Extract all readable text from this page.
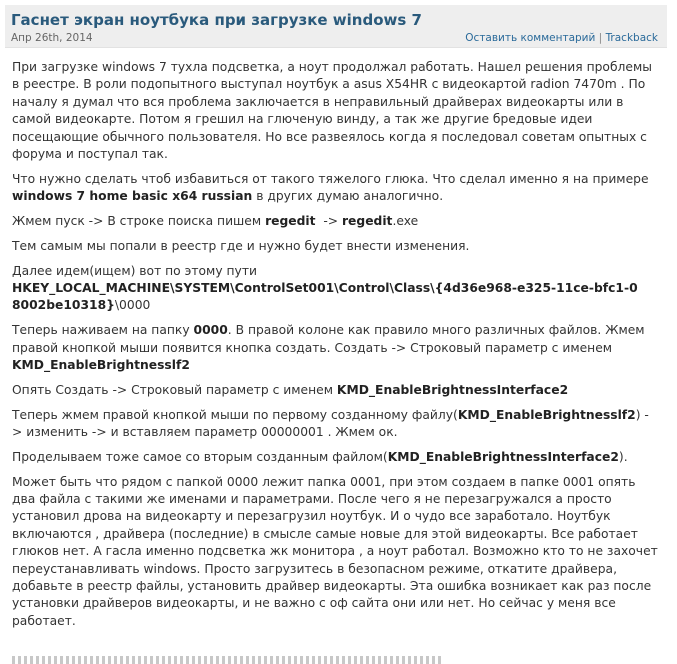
Гаснет экран ноутбука при загрузке windows 7
Апр 26th, 2014	Оставить комментарий | Trackback

При загрузке windows 7 тухла подсветка, а ноут продолжал работать. Нашел решения проблемы в реестре. В роли подопытного выступал ноутбук а asus X54HR с видеокартой radion 7470m . По началу я думал что вся проблема заключается в неправильный драйверах видеокарты или в самой видеокарте. Потом я грешил на глюченую винду, а так же другие бредовые идеи посещающие обычного пользователя. Но все развеялось когда я последовал советам опытных с форума и поступал так.

Что нужно сделать чтоб избавиться от такого тяжелого глюка. Что сделал именно я на примере windows 7 home basic x64 russian в других думаю аналогично.

Жмем пуск -> В строке поиска пишем regedit  -> regedit.exe

Тем самым мы попали в реестр где и нужно будет внести изменения.

Далее идем(ищем) вот по этому пути
HKEY_LOCAL_MACHINE\SYSTEM\ControlSet001\Control\Class\{4d36e968-e325-11ce-bfc1-0
8002be10318}\0000

Теперь наживаем на папку 0000. В правой колоне как правило много различных файлов. Жмем правой кнопкой мыши появится кнопка создать. Создать -> Строковый параметр с именем KMD_EnableBrightnesslf2

Опять Создать -> Строковый параметр с именем KMD_EnableBrightnessInterface2

Теперь жмем правой кнопкой мыши по первому созданному файлу(KMD_EnableBrightnesslf2) -> изменить -> и вставляем параметр 00000001 . Жмем ок.

Проделываем тоже самое со вторым созданным файлом(KMD_EnableBrightnessInterface2).

Может быть что рядом с папкой 0000 лежит папка 0001, при этом создаем в папке 0001 опять два файла с такими же именами и параметрами. После чего я не перезагружался а просто установил дрова на видеокарту и перезагрузил ноутбук. И о чудо все заработало. Ноутбук включаются , драйвера (последние) в смысле самые новые для этой видеокарты. Все работает глюков нет. А гасла именно подсветка жк монитора , а ноут работал. Возможно кто то не захочет переустанавливать windows. Просто загрузитесь в безопасном режиме, откатите драйвера, добавьте в реестр файлы, установить драйвер видеокарты. Эта ошибка возникает как раз после установки драйверов видеокарты, и не важно с оф сайта они или нет. Но сейчас у меня все работает.
